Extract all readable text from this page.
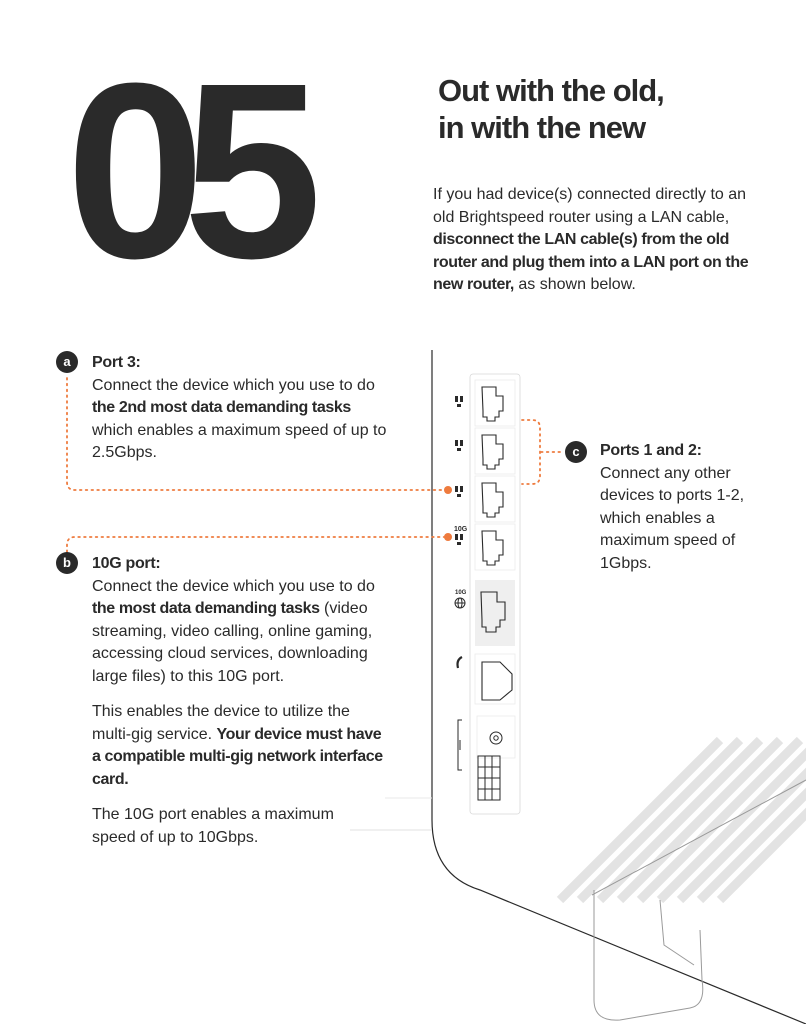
05	Out with the old,
in with the new

If you had device(s) connected directly to an old Brightspeed router using a LAN cable, disconnect the LAN cable(s) from the old router and plug them into a LAN port on the new router, as shown below.

10G
10G
a
b
c
Port 3:
Connect the device which you use to do the 2nd most data demanding tasks which enables a maximum speed of up to 2.5Gbps.
10G port:

Connect the device which you use to do the most data demanding tasks (video streaming, video calling, online gaming, accessing cloud services, downloading large files) to this 10G port.

This enables the device to utilize the multi-gig service. Your device must have a compatible multi-gig network interface card.

The 10G port enables a maximum speed of up to 10Gbps.

Ports 1 and 2:
Connect any other devices to ports 1-2, which enables a maximum speed of 1Gbps.
